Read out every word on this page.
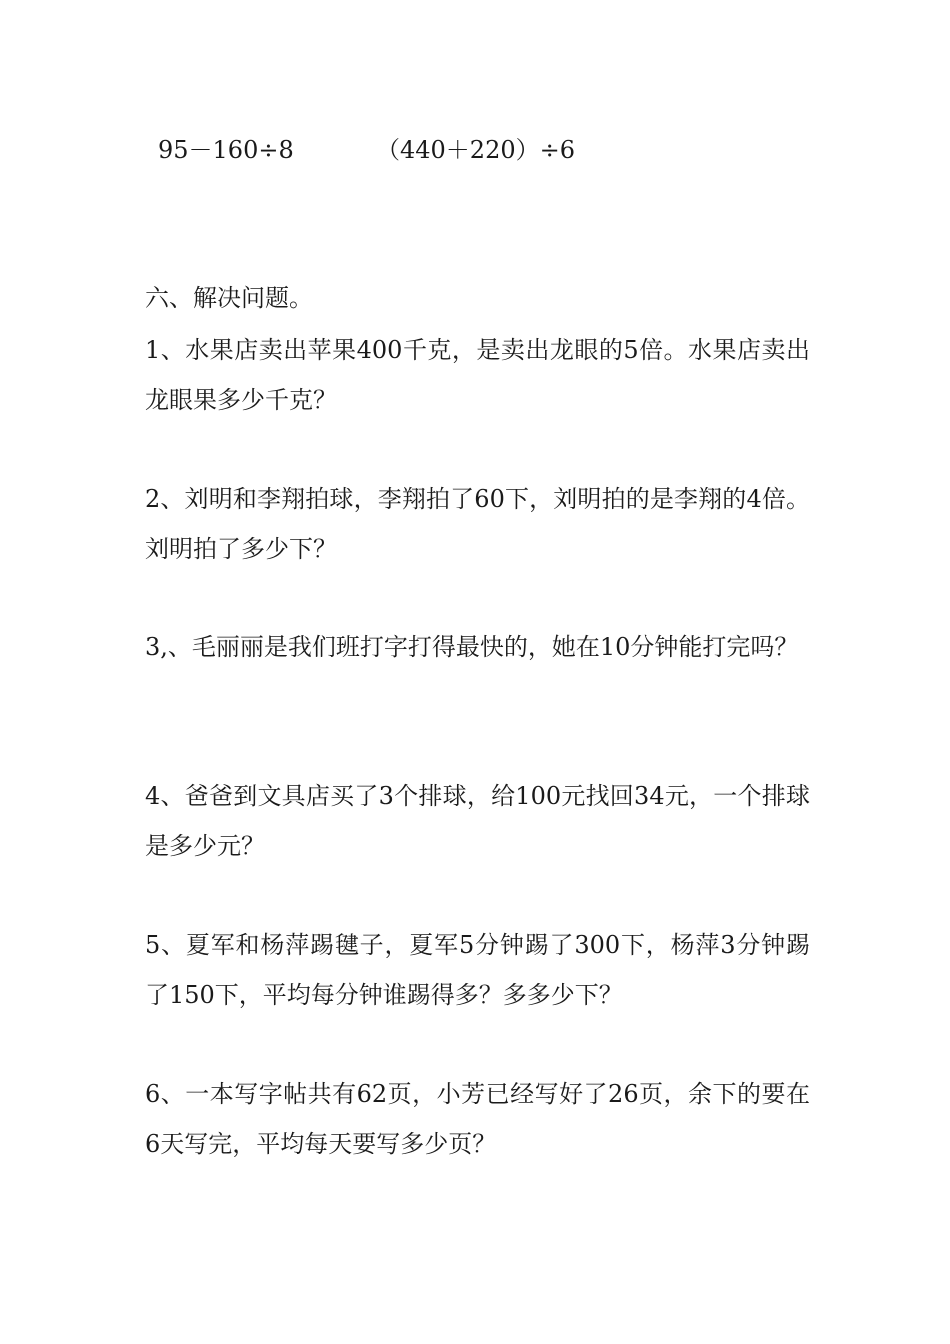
95－160÷8	（440＋220）÷6
六、解决问题。
1、水果店卖出苹果400千克，是卖出龙眼的5倍。水果店卖出龙眼果多少千克？
2、刘明和李翔拍球，李翔拍了60下，刘明拍的是李翔的4倍。刘明拍了多少下？
3,、毛丽丽是我们班打字打得最快的，她在10分钟能打完吗？
4、爸爸到文具店买了3个排球，给100元找回34元，一个排球是多少元？
5、夏军和杨萍踢毽子，夏军5分钟踢了300下，杨萍3分钟踢了150下，平均每分钟谁踢得多？多多少下？
6、一本写字帖共有62页，小芳已经写好了26页，余下的要在6天写完，平均每天要写多少页？
